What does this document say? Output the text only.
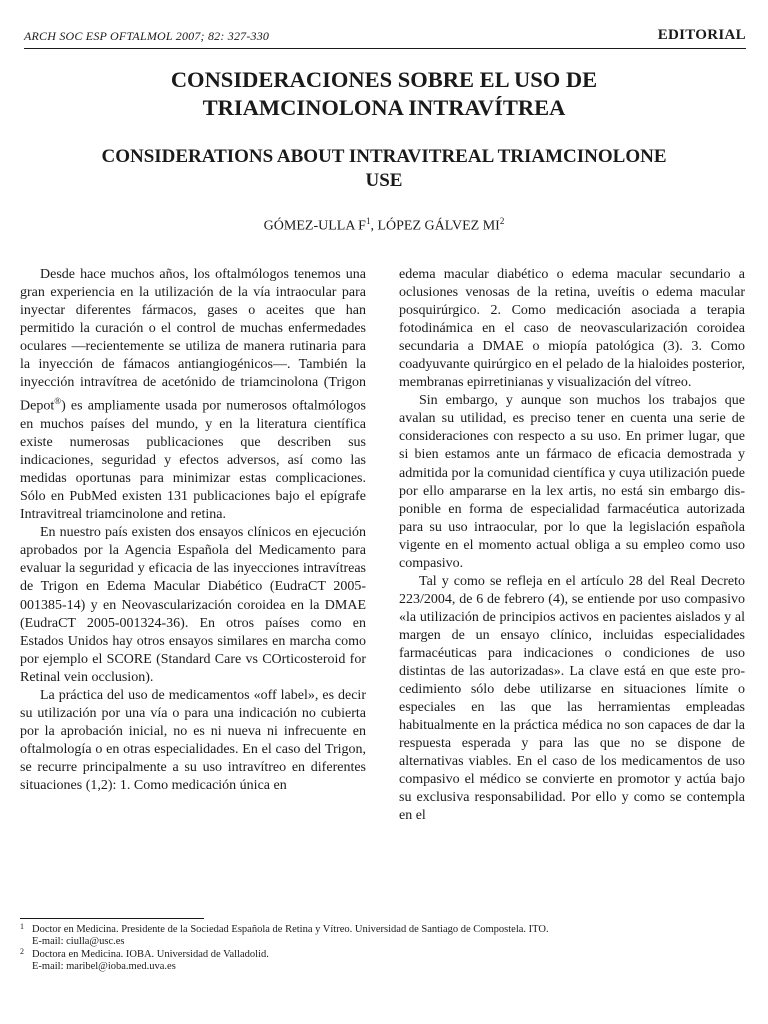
ARCH SOC ESP OFTALMOL 2007; 82: 327-330	EDITORIAL
CONSIDERACIONES SOBRE EL USO DE
TRIAMCINOLONA INTRAVÍTREA
CONSIDERATIONS ABOUT INTRAVITREAL TRIAMCINOLONE
USE
GÓMEZ-ULLA $F^1$, LÓPEZ GÁLVEZ $MI^2$

Desde hace muchos años, los oftalmólogos tenemos una gran experiencia en la utilización de la vía intraocular para inyectar diferentes fármacos, gases o aceites que han permitido la curación o el control de muchas enfermedades oculares —recientemente se utiliza de manera rutinaria para la inyección de fámacos antiangiogénicos—. También la inyección intravítrea de acetónido de triamcinolona (Trigon Depot®) es ampliamente usada por numerosos oftalmólogos en muchos países del mundo, y en la literatura científica existe numerosas publicaciones que describen sus indicaciones, seguridad y efectos adversos, así como las medidas oportunas para minimizar estas complicaciones. Sólo en PubMed existen 131 publicaciones bajo el epígrafe Intravitreal triamcinolone and retina.

En nuestro país existen dos ensayos clínicos en ejecución aprobados por la Agencia Española del Medicamento para evaluar la seguridad y eficacia de las inyecciones intravítreas de Trigon en Edema Macular Diabético (EudraCT 2005-001385-14) y en Neovascularización coroidea en la DMAE (EudraCT 2005-001324-36). En otros países como en Estados Unidos hay otros ensayos similares en marcha como por ejemplo el SCORE (Standard Care vs COrticosteroid for Retinal vein occlusion).

La práctica del uso de medicamentos «off label», es decir su utilización por una vía o para una indicación no cubierta por la aprobación inicial, no es ni nueva ni infrecuente en oftalmología o en otras especialidades. En el caso del Trigon, se recurre principalmente a su uso intravítreo en diferentes situaciones (1,2): 1. Como medicación única en

edema macular diabético o edema macular secundario a oclusiones venosas de la retina, uveítis o edema macular posquirúrgico. 2. Como medicación asociada a terapia fotodinámica en el caso de neovascularización coroidea secundaria a DMAE o miopía patológica (3). 3. Como coadyuvante quirúrgico en el pelado de la hialoides posterior, membranas epirretinianas y visualización del vítreo.

Sin embargo, y aunque son muchos los trabajos que avalan su utilidad, es preciso tener en cuenta una serie de consideraciones con respecto a su uso. En primer lugar, que si bien estamos ante un fármaco de eficacia demostrada y admitida por la comunidad científica y cuya utilización puede por ello ampararse en la lex artis, no está sin embargo disponible en forma de especialidad farmacéutica autorizada para su uso intraocular, por lo que la legislación española vigente en el momento actual obliga a su empleo como uso compasivo.

Tal y como se refleja en el artículo 28 del Real Decreto 223/2004, de 6 de febrero (4), se entiende por uso compasivo «la utilización de principios activos en pacientes aislados y al margen de un ensayo clínico, incluidas especialidades farmacéuticas para indicaciones o condiciones de uso distintas de las autorizadas». La clave está en que este procedimiento sólo debe utilizarse en situaciones límite o especiales en las que las herramientas empleadas habitualmente en la práctica médica no son capaces de dar la respuesta esperada y para las que no se dispone de alternativas viables. En el caso de los medicamentos de uso compasivo el médico se convierte en promotor y actúa bajo su exclusiva responsabilidad. Por ello y como se contempla en el

1 Doctor en Medicina. Presidente de la Sociedad Española de Retina y Vítreo. Universidad de Santiago de Compostela. ITO.
E-mail: ciulla@usc.es
2 Doctora en Medicina. IOBA. Universidad de Valladolid.
E-mail: maribel@ioba.med.uva.es
